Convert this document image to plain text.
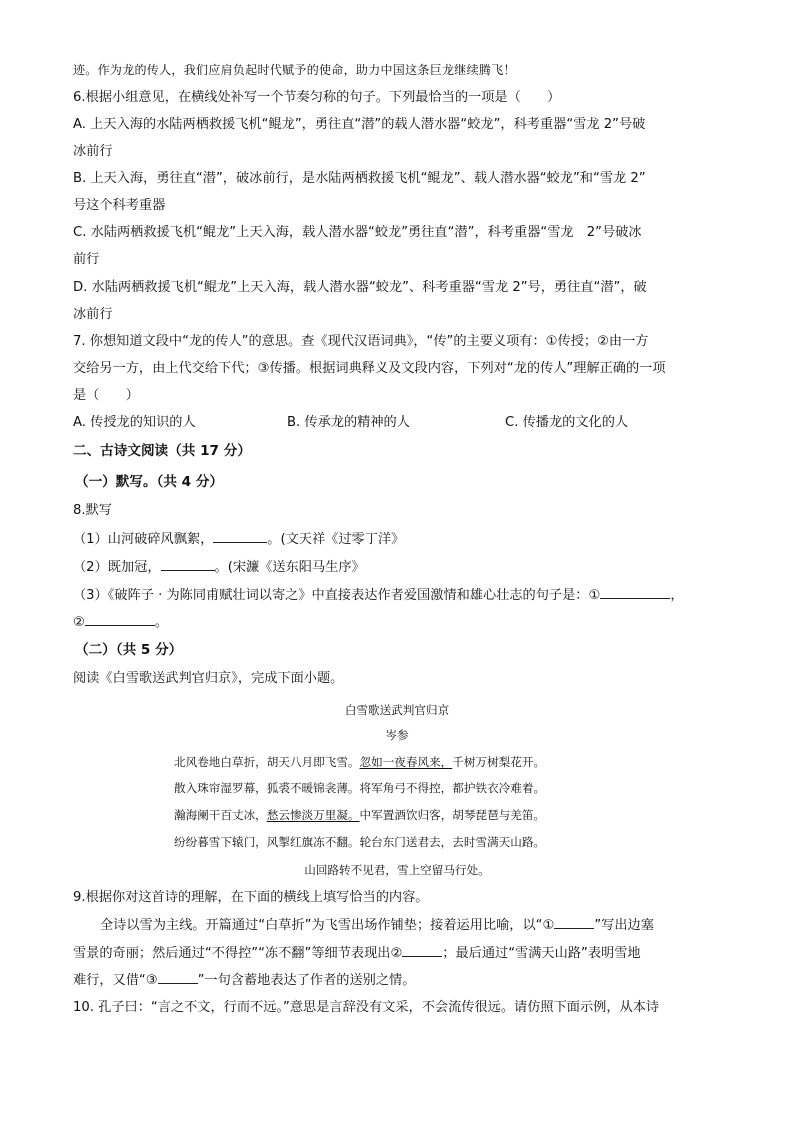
迹。作为龙的传人，我们应肩负起时代赋予的使命，助力中国这条巨龙继续腾飞！
6.根据小组意见，在横线处补写一个节奏匀称的句子。下列最恰当的一项是（　　）
A. 上天入海的水陆两栖救援飞机“鲲龙”，勇往直“潜”的载人潜水器“蛟龙”，科考重器“雪龙 2”号破
冰前行
B. 上天入海，勇往直“潜”，破冰前行，是水陆两栖救援飞机“鲲龙”、载人潜水器“蛟龙”和“雪龙 2”
号这个科考重器
C. 水陆两栖救援飞机“鲲龙”上天入海，载人潜水器“蛟龙”勇往直“潜”，科考重器“雪龙　2”号破冰
前行
D. 水陆两栖救援飞机“鲲龙”上天入海，载人潜水器“蛟龙”、科考重器“雪龙 2”号，勇往直“潜”，破
冰前行
7. 你想知道文段中“龙的传人”的意思。查《现代汉语词典》，“传”的主要义项有：①传授；②由一方
交给另一方，由上代交给下代；③传播。根据词典释义及文段内容，下列对“龙的传人”理解正确的一项
是（　　）
A. 传授龙的知识的人	B. 传承龙的精神的人	C. 传播龙的文化的人
二、古诗文阅读（共 17 分）
（一）默写。（共 4 分）
8.默写
（1）山河破碎风飘絮，	。(文天祥《过零丁洋》
（2）既加冠，	。(宋濂《送东阳马生序》
（3）《破阵子 · 为陈同甫赋壮词以寄之》中直接表达作者爱国激情和雄心壮志的句子是：①	，
②	。
（二）（共 5 分）
阅读《白雪歌送武判官归京》，完成下面小题。
白雪歌送武判官归京
岑参
北风卷地白草折，胡天八月即飞雪。忽如一夜春风来，千树万树梨花开。
散入珠帘湿罗幕，狐裘不暖锦衾薄。将军角弓不得控，都护铁衣冷难着。
瀚海阑干百丈冰，愁云惨淡万里凝。中军置酒饮归客，胡琴琵琶与羌笛。
纷纷暮雪下辕门，风掣红旗冻不翻。轮台东门送君去，去时雪满天山路。
山回路转不见君，雪上空留马行处。
9.根据你对这首诗的理解，在下面的横线上填写恰当的内容。
全诗以雪为主线。开篇通过“白草折”为飞雪出场作铺垫；接着运用比喻，以“①	”写出边塞
雪景的奇丽；然后通过“不得控”“冻不翻”等细节表现出②	；最后通过“雪满天山路”表明雪地
难行，又借“③	”一句含蓄地表达了作者的送别之情。
10. 孔子曰：“言之不文，行而不远。”意思是言辞没有文采，不会流传很远。请仿照下面示例，从本诗
